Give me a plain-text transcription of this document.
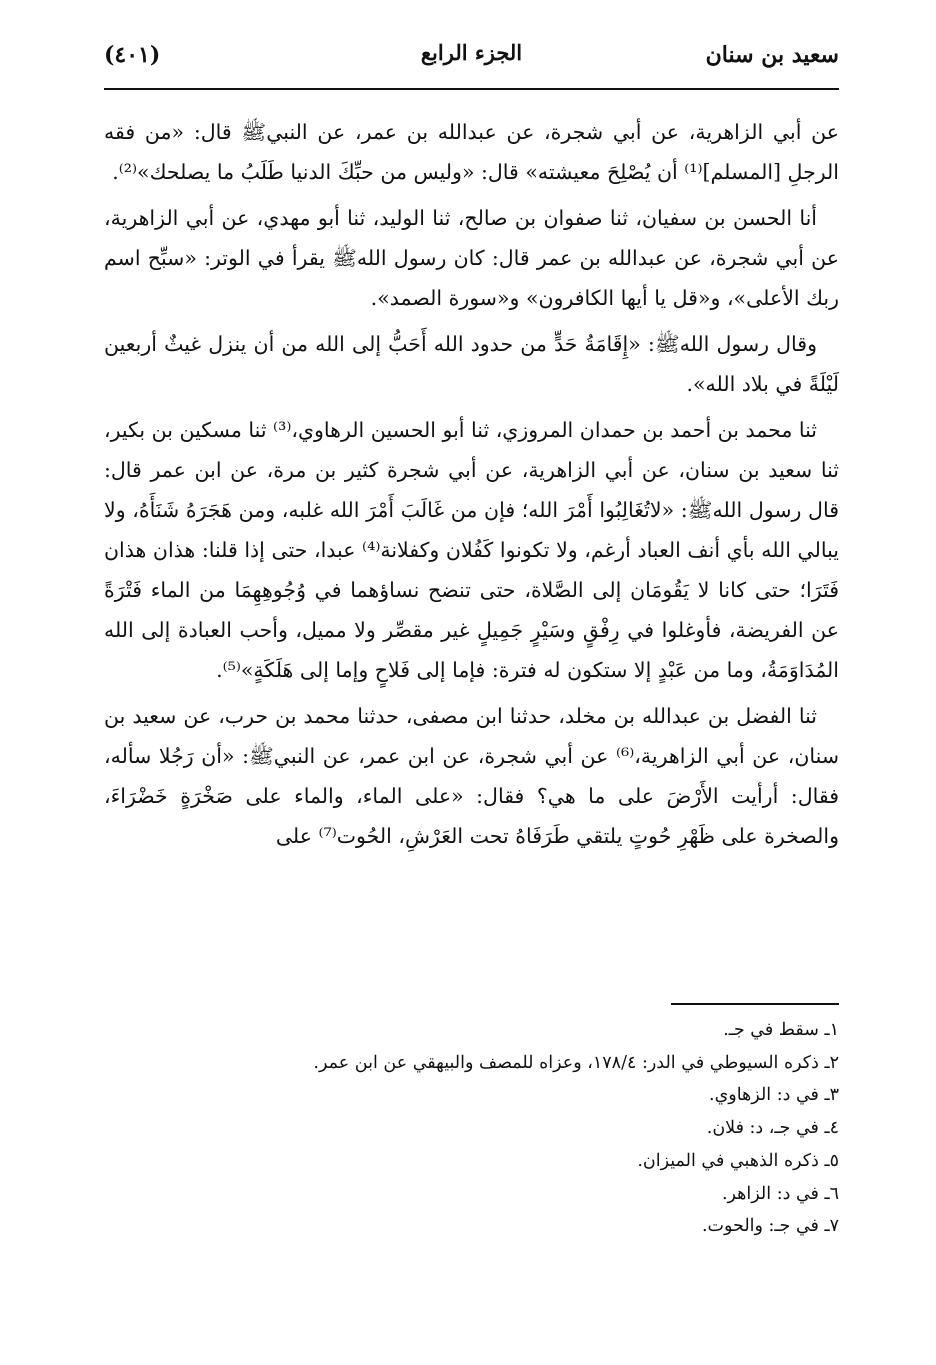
سعيد بن سنان
الجزء الرابع
(٤٠١)

عن أبي الزاهرية، عن أبي شجرة، عن عبدالله بن عمر، عن النبيﷺ قال: «من فقه الرجلِ [المسلم]⁽¹⁾ أن يُصْلِحَ معيشته» قال: «وليس من حبِّكَ الدنيا طَلَبُ ما يصلحك»⁽²⁾.

أنا الحسن بن سفيان، ثنا صفوان بن صالح، ثنا الوليد، ثنا أبو مهدي، عن أبي الزاهرية، عن أبي شجرة، عن عبدالله بن عمر قال: كان رسول اللهﷺ يقرأ في الوتر: «سبِّح اسم ربك الأعلى»، و«قل يا أيها الكافرون» و«سورة الصمد».

وقال رسول اللهﷺ: «إِقَامَةُ حَدٍّ من حدود الله أَحَبُّ إلى الله من أن ينزل غيثٌ أربعين لَيْلَةً في بلاد الله».

ثنا محمد بن أحمد بن حمدان المروزي، ثنا أبو الحسين الرهاوي،⁽³⁾ ثنا مسكين بن بكير، ثنا سعيد بن سنان، عن أبي الزاهرية، عن أبي شجرة كثير بن مرة، عن ابن عمر قال: قال رسول اللهﷺ: «لاتُغَالِبُوا أَمْرَ الله؛ فإن من غَالَبَ أَمْرَ الله غلبه، ومن هَجَرَهُ شَنَأَهُ، ولا يبالي الله بأي أنف العباد أرغم، ولا تكونوا كَفُلان وكفلانة⁽⁴⁾ عبدا، حتى إذا قلنا: هذان هذان فَتَرَا؛ حتى كانا لا يَقُومَان إلى الصَّلاة، حتى تنضح نساؤهما في وُجُوهِهِمَا من الماء فَتْرَةً عن الفريضة، فأوغلوا في رِفْقٍ وسَيْرٍ جَمِيلٍ غير مقصِّر ولا مميل، وأحب العبادة إلى الله المُدَاوَمَةُ، وما من عَبْدٍ إلا ستكون له فترة: فإما إلى فَلاحٍ وإما إلى هَلَكَةٍ»⁽⁵⁾.

ثنا الفضل بن عبدالله بن مخلد، حدثنا ابن مصفى، حدثنا محمد بن حرب، عن سعيد بن سنان، عن أبي الزاهرية،⁽⁶⁾ عن أبي شجرة، عن ابن عمر، عن النبيﷺ: «أن رَجُلا سأله، فقال: أرأيت الأَرْضَ على ما هي؟ فقال: «على الماء، والماء على صَخْرَةٍ خَضْرَاءَ، والصخرة على ظَهْرِ حُوتٍ يلتقي طَرَفَاهُ تحت العَرْشِ، الحُوت⁽⁷⁾ على

١ـ سقط في جـ.
٢ـ ذكره السيوطي في الدر: ١٧٨/٤، وعزاه للمصف والبيهقي عن ابن عمر.
٣ـ في د: الزهاوي.
٤ـ في جـ، د: فلان.
٥ـ ذكره الذهبي في الميزان.
٦ـ في د: الزاهر.
٧ـ في جـ: والحوت.
